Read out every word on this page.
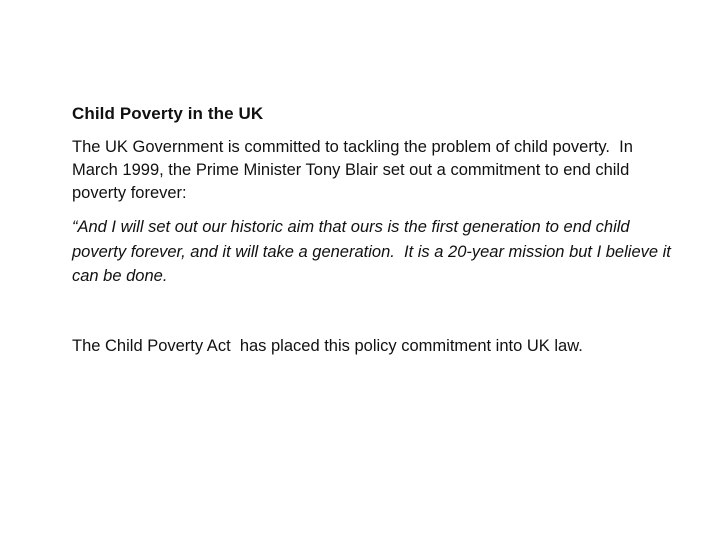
Child Poverty in the UK

The UK Government is committed to tackling the problem of child poverty.  In March 1999, the Prime Minister Tony Blair set out a commitment to end child poverty forever:

“And I will set out our historic aim that ours is the first generation to end child poverty forever, and it will take a generation.  It is a 20-year mission but I believe it can be done.

The Child Poverty Act  has placed this policy commitment into UK law.
